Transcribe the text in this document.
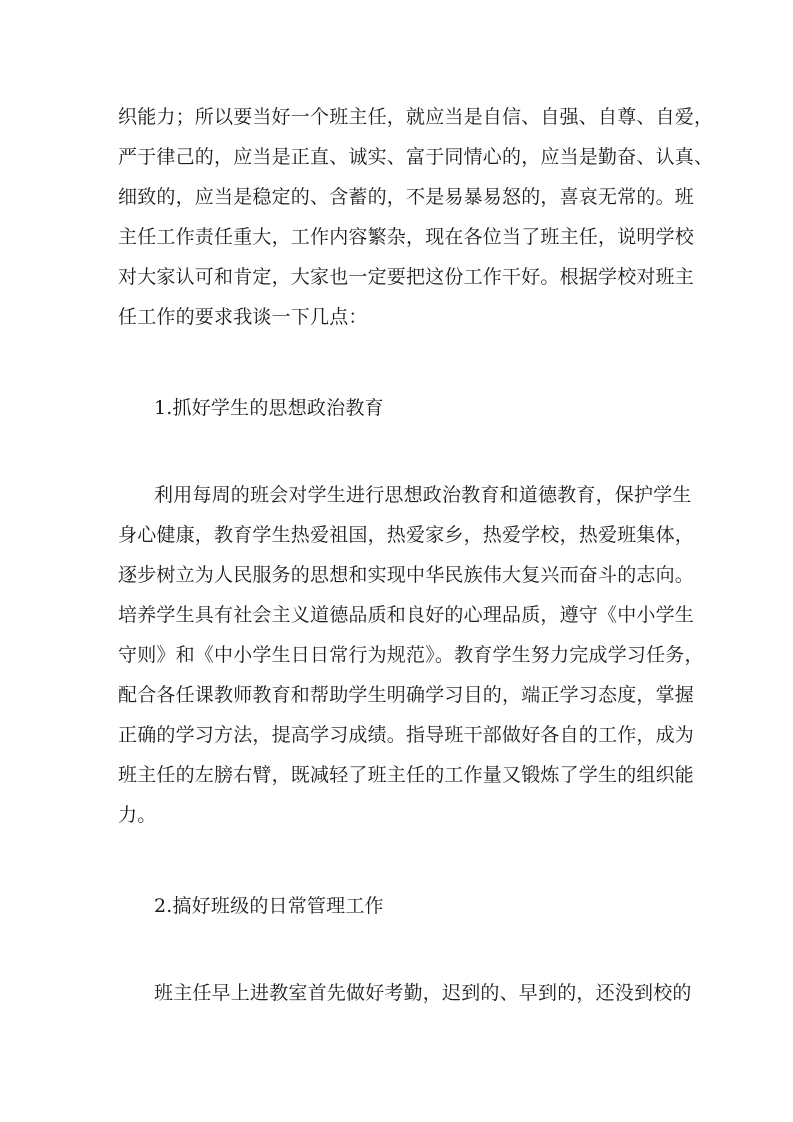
织能力；所以要当好一个班主任，就应当是自信、自强、自尊、自爱，
严于律己的，应当是正直、诚实、富于同情心的，应当是勤奋、认真、
细致的，应当是稳定的、含蓄的，不是易暴易怒的，喜哀无常的。班
主任工作责任重大，工作内容繁杂，现在各位当了班主任，说明学校
对大家认可和肯定，大家也一定要把这份工作干好。根据学校对班主
任工作的要求我谈一下几点：
1.抓好学生的思想政治教育
利用每周的班会对学生进行思想政治教育和道德教育，保护学生
身心健康，教育学生热爱祖国，热爱家乡，热爱学校，热爱班集体，
逐步树立为人民服务的思想和实现中华民族伟大复兴而奋斗的志向。
培养学生具有社会主义道德品质和良好的心理品质，遵守《中小学生
守则》和《中小学生日日常行为规范》。教育学生努力完成学习任务，
配合各任课教师教育和帮助学生明确学习目的，端正学习态度，掌握
正确的学习方法，提高学习成绩。指导班干部做好各自的工作，成为
班主任的左膀右臂，既减轻了班主任的工作量又锻炼了学生的组织能
力。
2.搞好班级的日常管理工作
班主任早上进教室首先做好考勤，迟到的、早到的，还没到校的
